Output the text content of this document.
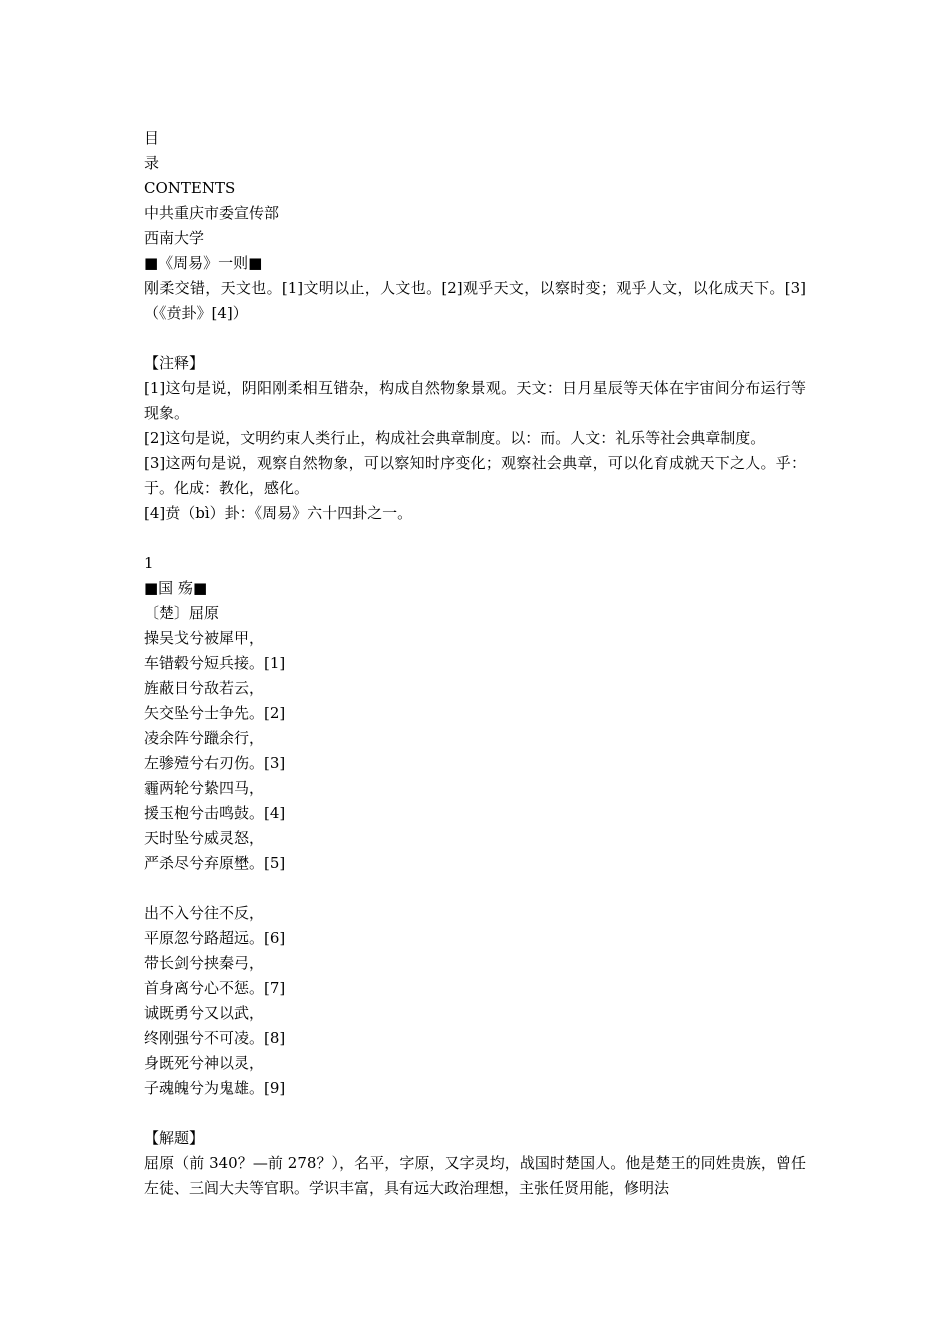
目

录

CONTENTS

中共重庆市委宣传部

西南大学

■《周易》一则■

刚柔交错，天文也。[1]文明以止，人文也。[2]观乎天文，以察时变；观乎人文，以化成天下。[3]（《贲卦》[4]）

【注释】

[1]这句是说，阴阳刚柔相互错杂，构成自然物象景观。天文：日月星辰等天体在宇宙间分布运行等现象。

[2]这句是说，文明约束人类行止，构成社会典章制度。以：而。人文：礼乐等社会典章制度。

[3]这两句是说，观察自然物象，可以察知时序变化；观察社会典章，可以化育成就天下之人。乎：于。化成：教化，感化。

[4]贲（bì）卦：《周易》六十四卦之一。

1

■国 殇■

〔楚〕屈原

操吴戈兮被犀甲，

车错毂兮短兵接。[1]

旌蔽日兮敌若云，

矢交坠兮士争先。[2]

凌余阵兮躐余行，

左骖殪兮右刃伤。[3]

霾两轮兮絷四马，

援玉枹兮击鸣鼓。[4]

天时坠兮威灵怒，

严杀尽兮弃原壄。[5]

出不入兮往不反，

平原忽兮路超远。[6]

带长剑兮挟秦弓，

首身离兮心不惩。[7]

诚既勇兮又以武，

终刚强兮不可凌。[8]

身既死兮神以灵，

子魂魄兮为鬼雄。[9]

【解题】

屈原（前 340？—前 278？），名平，字原，又字灵均，战国时楚国人。他是楚王的同姓贵族，曾任左徒、三闾大夫等官职。学识丰富，具有远大政治理想，主张任贤用能，修明法
